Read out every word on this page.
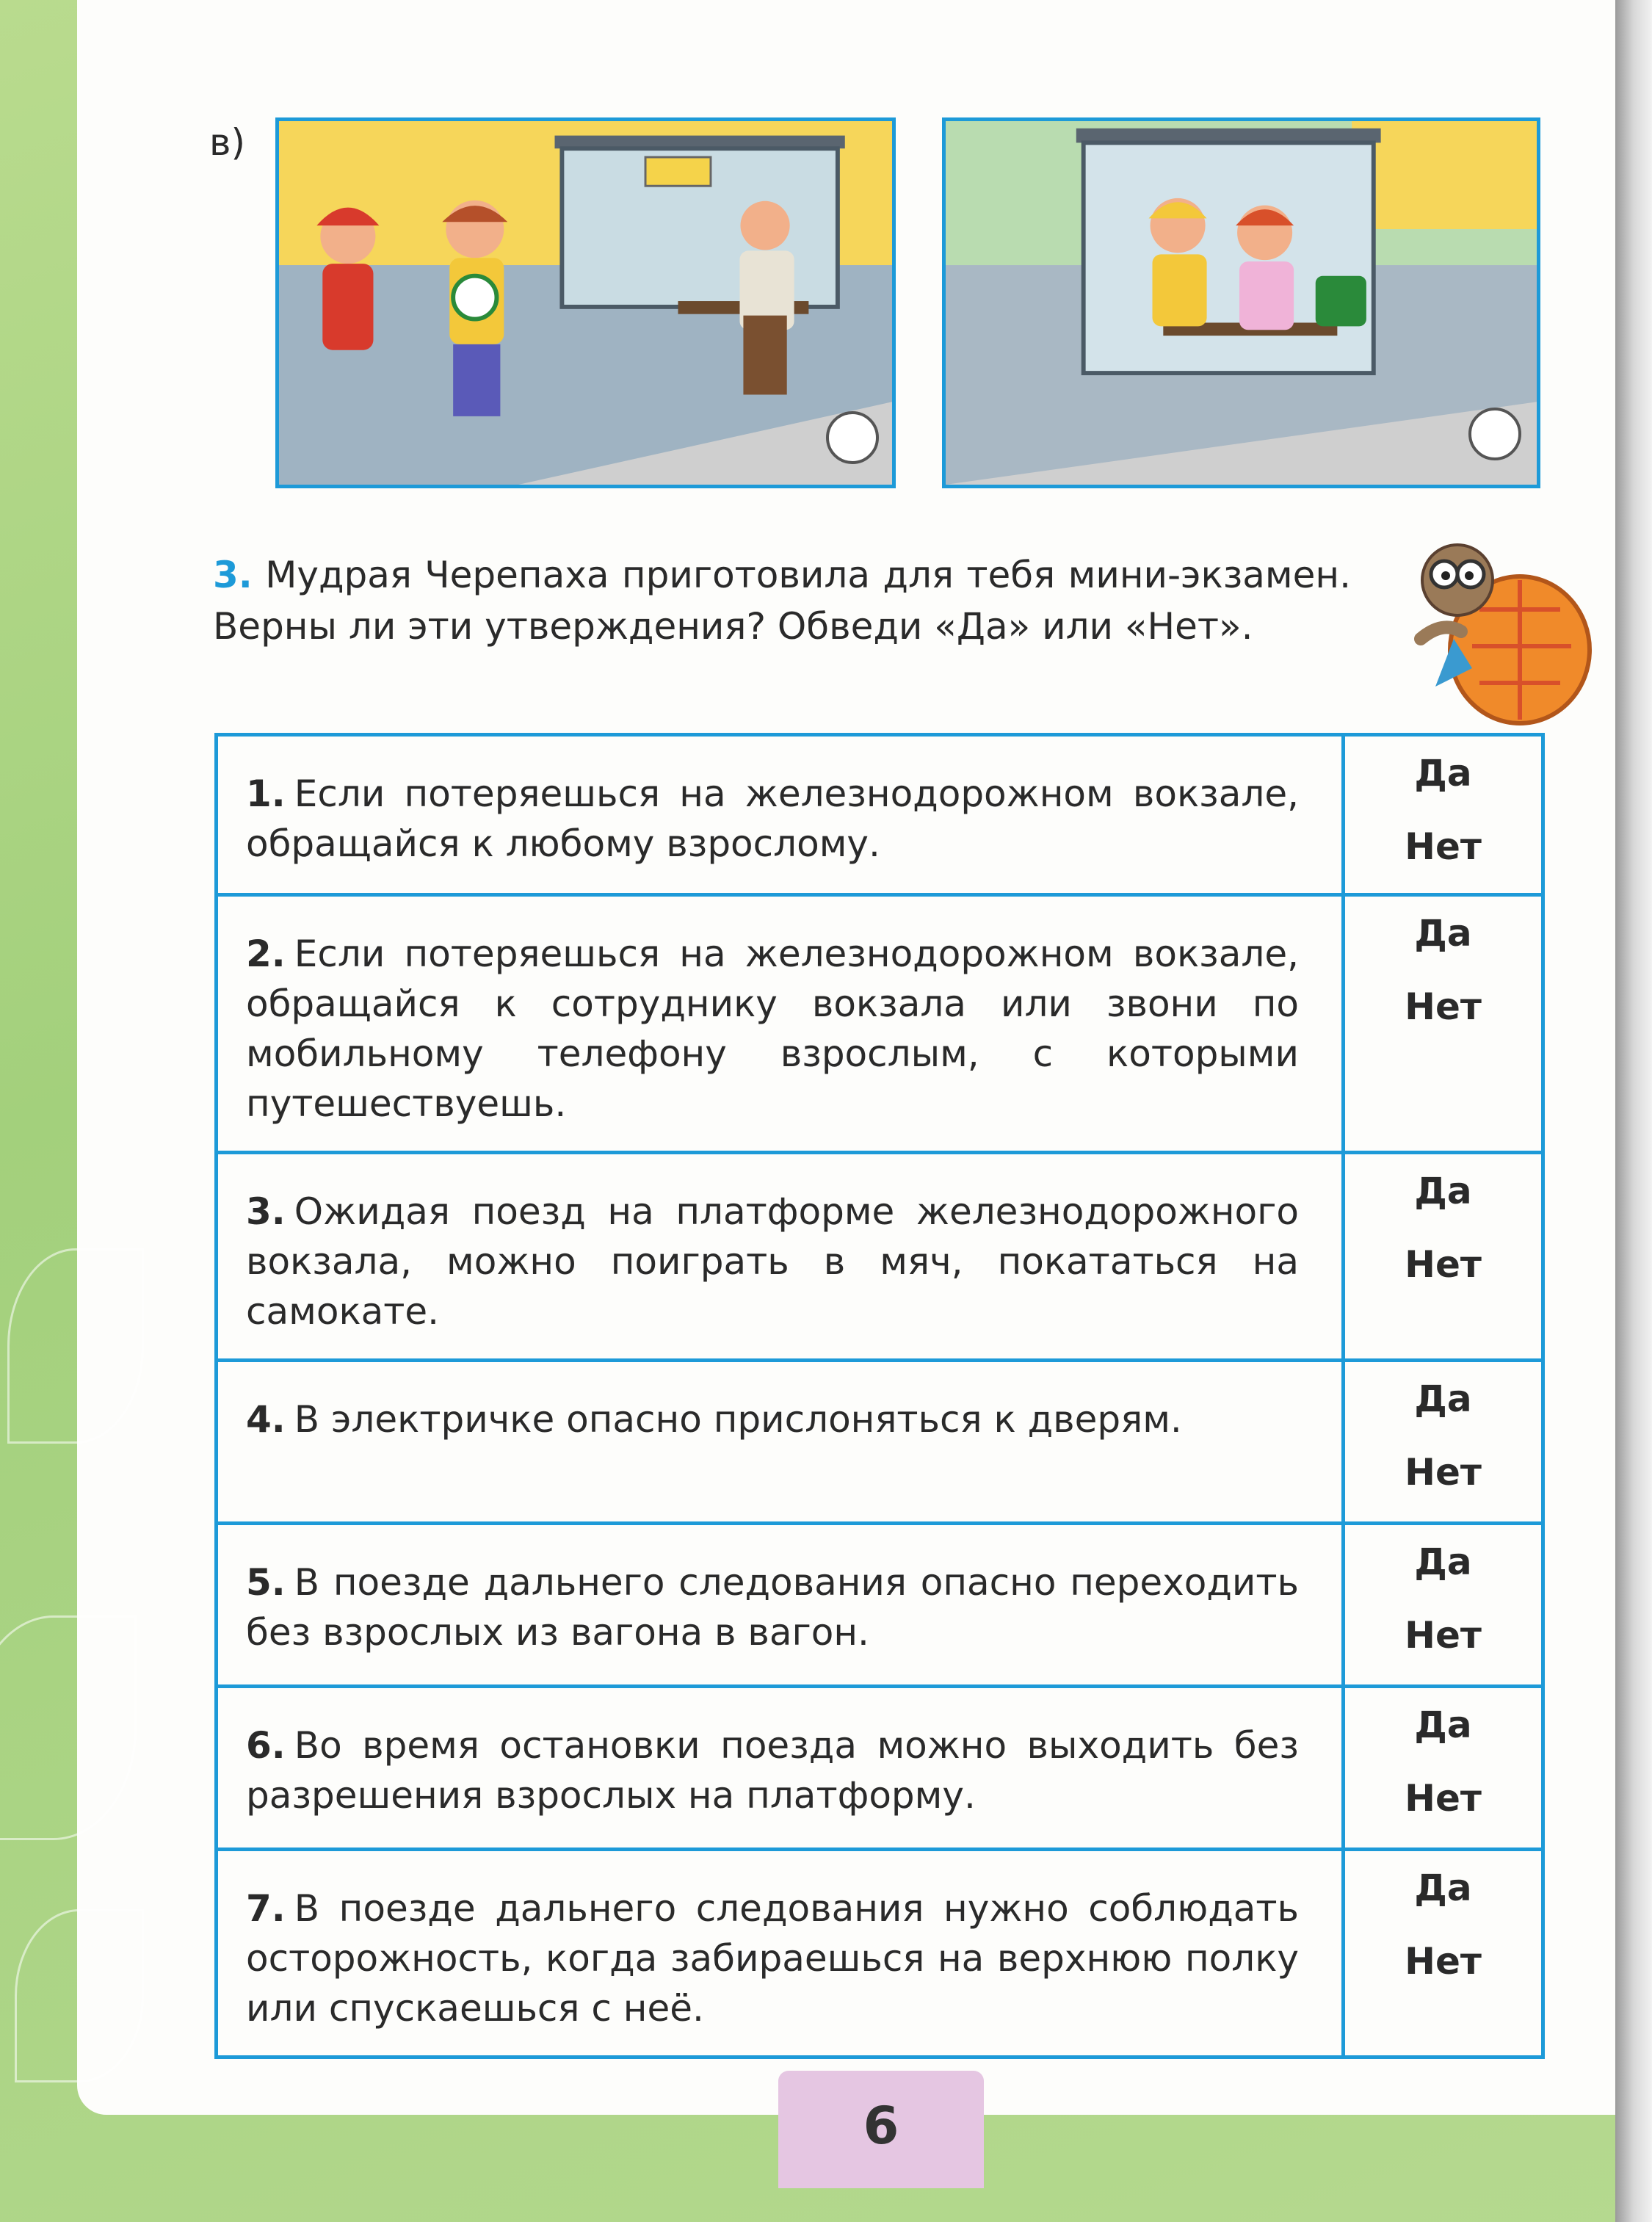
в)
3. Мудрая Черепаха приготовила для тебя мини-экзамен. Верны ли эти утверждения? Обведи «Да» или «Нет».
1. Если потеряешься на железнодорожном вокзале, обращайся к любому взрослому.	Да
Нет

2. Если потеряешься на железнодорожном вокзале, обращайся к сотруднику вокзала или звони по мобильному телефону взрослым, с которыми путешествуешь.	Да
Нет

3. Ожидая поезд на платформе железнодорожного вокзала, можно поиграть в мяч, покататься на самокате.	Да
Нет

4. В электричке опасно прислоняться к дверям.	Да
Нет

5. В поезде дальнего следования опасно переходить без взрослых из вагона в вагон.	Да
Нет

6. Во время остановки поезда можно выходить без разрешения взрослых на платформу.	Да
Нет

7. В поезде дальнего следования нужно соблюдать осторожность, когда забираешься на верхнюю полку или спускаешься с неё.	Да
Нет
6
